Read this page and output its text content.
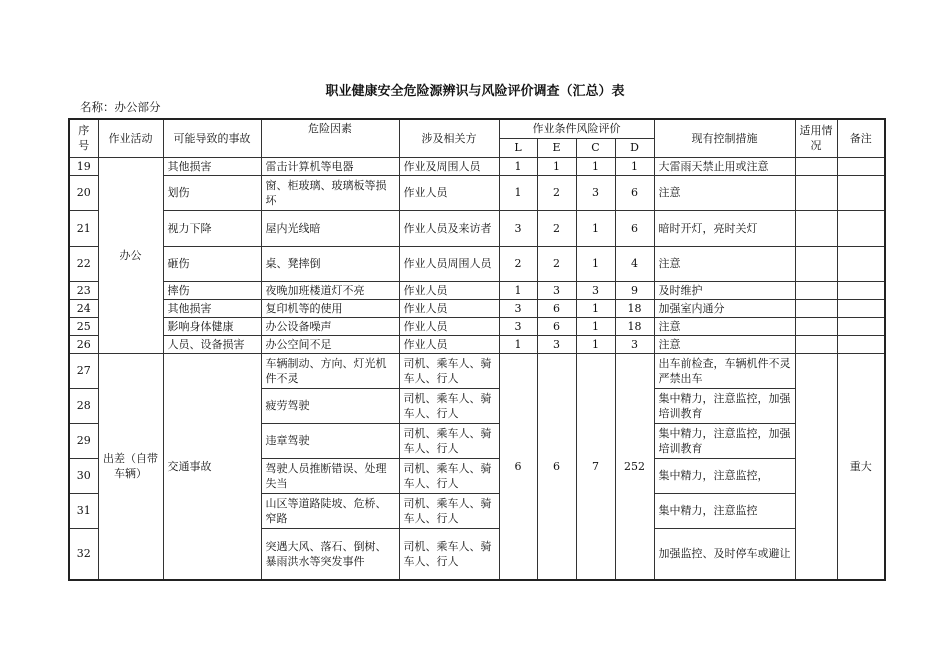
职业健康安全危险源辨识与风险评价调查（汇总）表
名称：办公部分
序号	作业活动	可能导致的事故	危险因素	涉及相关方	作业条件风险评价				现有控制措施	适用情况	备注
					L	E	C	D			
19	办公	其他损害	雷击计算机等电器	作业及周围人员	1	1	1	1	大雷雨天禁止用或注意		
20		划伤	窗、柜玻璃、玻璃板等损坏	作业人员	1	2	3	6	注意		
21		视力下降	屋内光线暗	作业人员及来访者	3	2	1	6	暗时开灯，亮时关灯		
22		砸伤	桌、凳摔倒	作业人员周围人员	2	2	1	4	注意		
23		摔伤	夜晚加班楼道灯不亮	作业人员	1	3	3	9	及时维护		
24		其他损害	复印机等的使用	作业人员	3	6	1	18	加强室内通分		
25		影响身体健康	办公设备噪声	作业人员	3	6	1	18	注意		
26		人员、设备损害	办公空间不足	作业人员	1	3	1	3	注意		
27	出差（自带车辆）	交通事故	车辆制动、方向、灯光机件不灵	司机、乘车人、骑车人、行人	6	6	7	252	出车前检查，车辆机件不灵严禁出车		重大
28			疲劳驾驶	司机、乘车人、骑车人、行人					集中精力，注意监控，加强培训教育		
29			违章驾驶	司机、乘车人、骑车人、行人					集中精力，注意监控，加强培训教育		
30			驾驶人员推断错误、处理失当	司机、乘车人、骑车人、行人					集中精力，注意监控，		
31			山区等道路陡坡、危桥、窄路	司机、乘车人、骑车人、行人					集中精力，注意监控		
32			突遇大风、落石、倒树、暴雨洪水等突发事件	司机、乘车人、骑车人、行人					加强监控、及时停车或避让		
